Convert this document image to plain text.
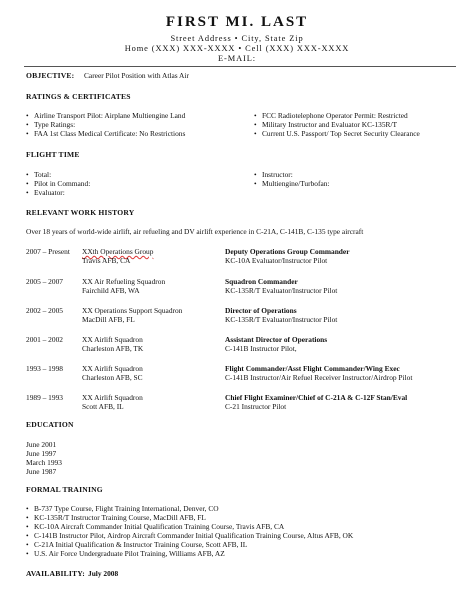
FIRST MI. LAST
Street Address • City, State Zip
Home (XXX) XXX-XXXX • Cell (XXX) XXX-XXXX
E-MAIL:
OBJECTIVE: Career Pilot Position with Atlas Air
RATINGS & CERTIFICATES
• Airline Transport Pilot: Airplane Multiengine Land
• Type Ratings:
• FAA 1st Class Medical Certificate: No Restrictions
• FCC Radiotelephone Operator Permit: Restricted
• Military Instructor and Evaluator KC-135R/T
• Current U.S. Passport/ Top Secret Security Clearance
FLIGHT TIME
• Total:
• Pilot in Command:
• Evaluator:
• Instructor:
• Multiengine/Turbofan:
RELEVANT WORK HISTORY
Over 18 years of world-wide airlift, air refueling and DV airlift experience in C-21A, C-141B, C-135 type aircraft
2007 – Present XXth Operations Group
Travis AFB, CA
Deputy Operations Group Commander
KC-10A Evaluator/Instructor Pilot
2005 – 2007	XX Air Refueling Squadron
Fairchild AFB, WA
Squadron Commander
KC-135R/T Evaluator/Instructor Pilot
2002 – 2005	XX Operations Support Squadron
MacDill AFB, FL
Director of Operations
KC-135R/T Evaluator/Instructor Pilot
2001 – 2002	XX Airlift Squadron
Charleston AFB, TK
Assistant Director of Operations
C-141B Instructor Pilot,
1993 – 1998	XX Airlift Squadron
Charleston AFB, SC
Flight Commander/Asst Flight Commander/Wing Exec
C-141B Instructor/Air Refuel Receiver Instructor/Airdrop Pilot
1989 – 1993	XX Airlift Squadron
Scott AFB, IL
Chief Flight Examiner/Chief of C-21A & C-12F Stan/Eval
C-21 Instructor Pilot
EDUCATION
June 2001
June 1997
March 1993
June 1987
FORMAL TRAINING
• B-737 Type Course, Flight Training International, Denver, CO
• KC-135R/T Instructor Training Course, MacDill AFB, FL
• KC-10A Aircraft Commander Initial Qualification Training Course, Travis AFB, CA
• C-141B Instructor Pilot, Airdrop Aircraft Commander Initial Qualification Training Course, Altus AFB, OK
• C-21A Initial Qualification & Instructor Training Course, Scott AFB, IL
• U.S. Air Force Undergraduate Pilot Training, Williams AFB, AZ
AVAILABILITY: July 2008
